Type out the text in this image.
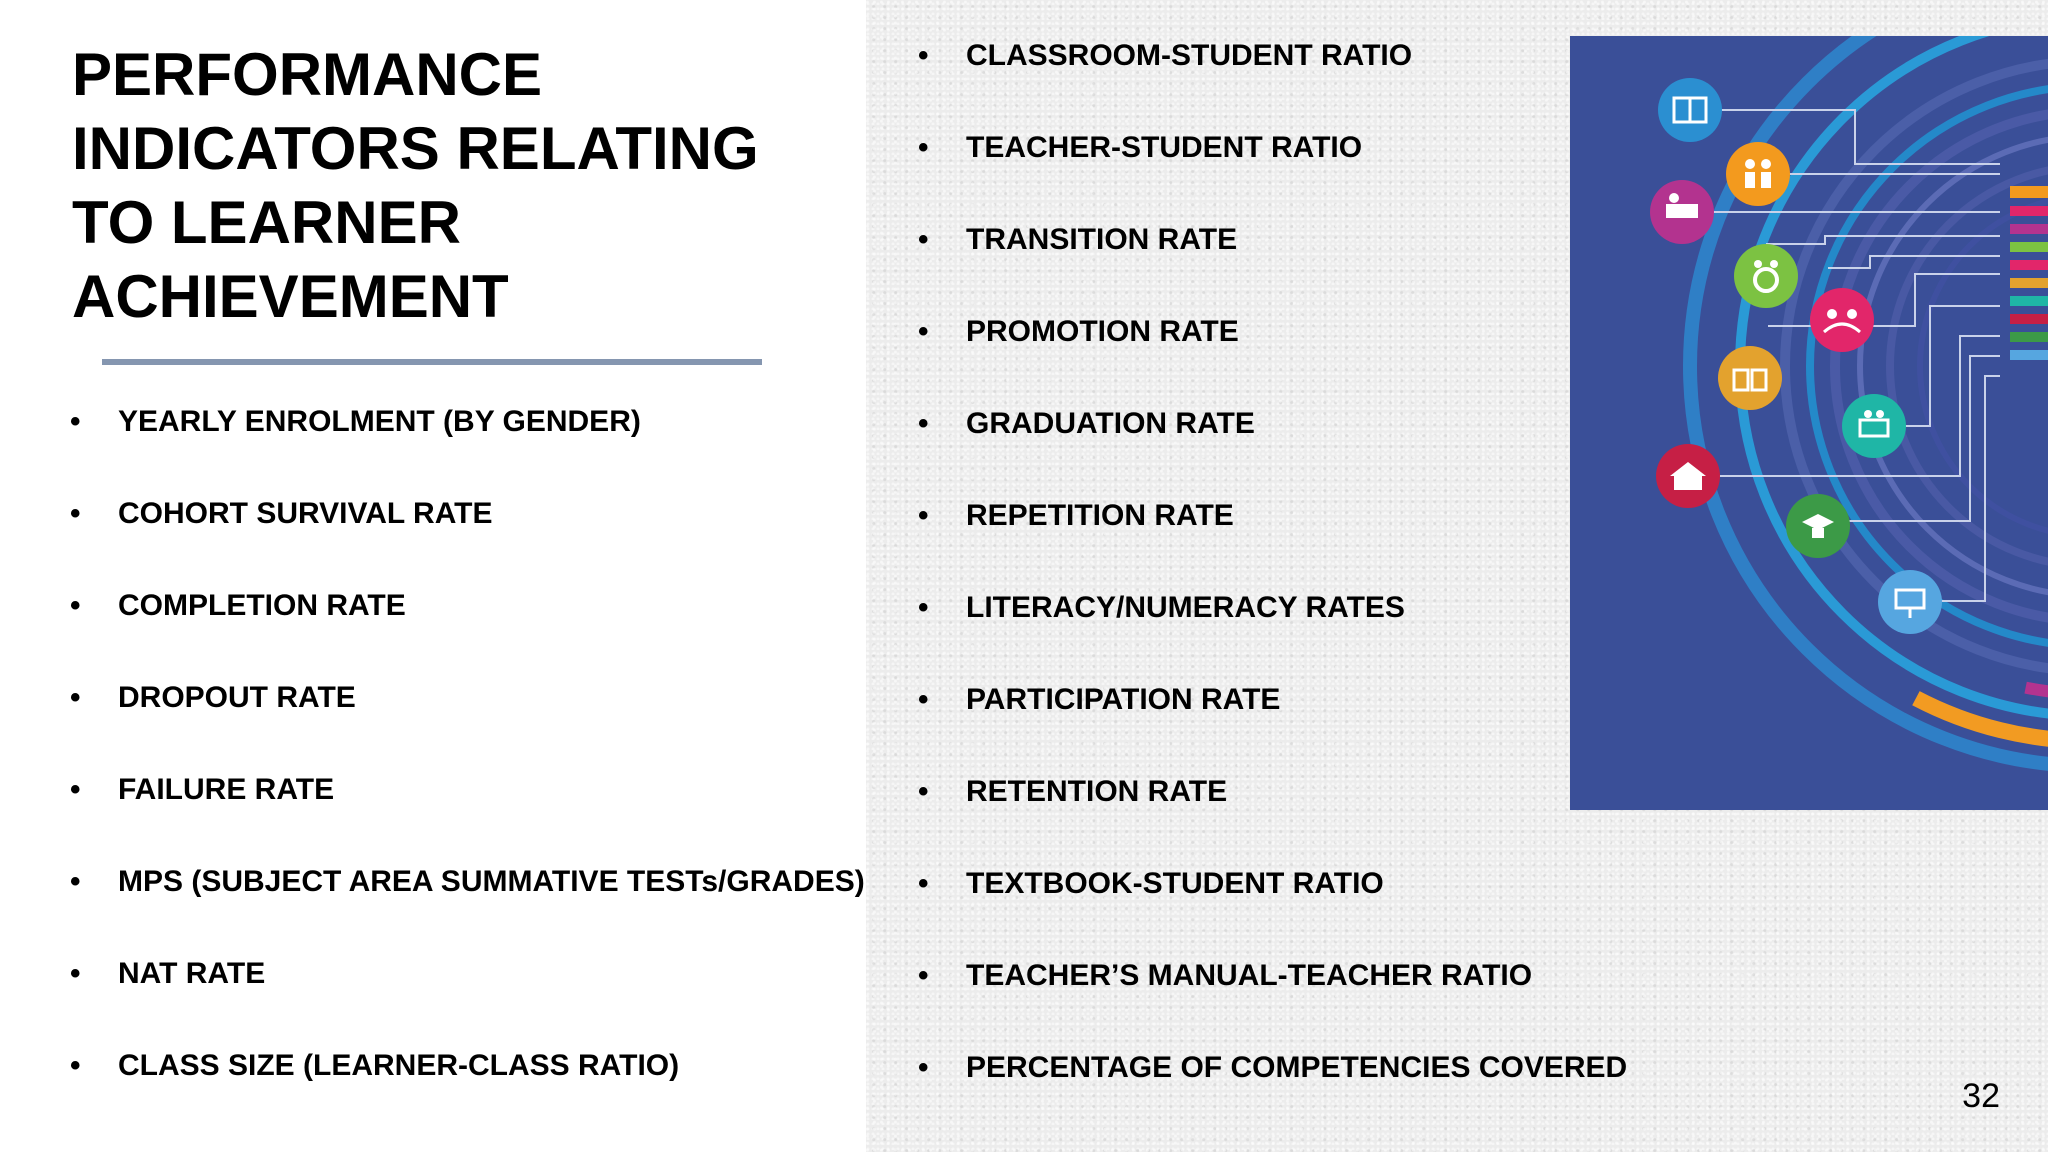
PERFORMANCE
INDICATORS RELATING
TO LEARNER
ACHIEVEMENT
• YEARLY ENROLMENT (BY GENDER)
• COHORT SURVIVAL RATE
• COMPLETION RATE
• DROPOUT RATE
• FAILURE RATE
• MPS (SUBJECT AREA SUMMATIVE TESTs/GRADES)
• NAT RATE
• CLASS SIZE (LEARNER-CLASS RATIO)
• CLASSROOM-STUDENT RATIO
• TEACHER-STUDENT RATIO
• TRANSITION RATE
• PROMOTION RATE
• GRADUATION RATE
• REPETITION RATE
• LITERACY/NUMERACY RATES
• PARTICIPATION RATE
• RETENTION RATE
• TEXTBOOK-STUDENT RATIO
• TEACHER’S MANUAL-TEACHER RATIO
• PERCENTAGE OF COMPETENCIES COVERED
32
